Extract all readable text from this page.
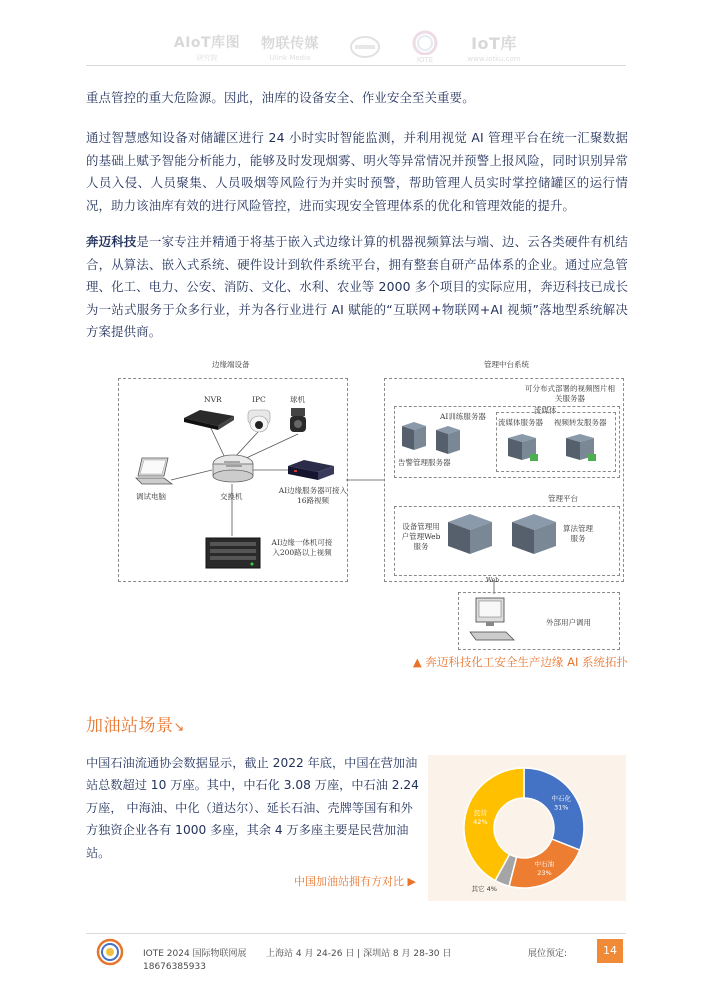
AIoT库图
研究院
物联传媒
Ulink Media	IOTE
IoT库
www.iotku.com
重点管控的重大危险源。因此，油库的设备安全、作业安全至关重要。
通过智慧感知设备对储罐区进行 24 小时实时智能监测，并利用视觉 AI 管理平台在统一汇聚数据的基础上赋予智能分析能力，能够及时发现烟雾、明火等异常情况并预警上报风险，同时识别异常人员入侵、人员聚集、人员吸烟等风险行为并实时预警，帮助管理人员实时掌控储罐区的运行情况，助力该油库有效的进行风险管控，进而实现安全管理体系的优化和管理效能的提升。
奔迈科技是一家专注并精通于将基于嵌入式边缘计算的机器视频算法与端、边、云各类硬件有机结合，从算法、嵌入式系统、硬件设计到软件系统平台，拥有整套自研产品体系的企业。通过应急管理、化工、电力、公安、消防、文化、水利、农业等 2000 多个项目的实际应用，奔迈科技已成长为一站式服务于众多行业，并为各行业进行 AI 赋能的“互联网+物联网+AI 视频”落地型系统解决方案提供商。
边缘端设备	管理中台系统
NVR	IPC	球机
调试电脑	交换机
AI边缘服务器可接入16路视频
AI边缘一体机可接入200路以上视频
可分布式部署的视频图片相关服务器
AI训练服务器
告警管理服务器
流媒体
流媒体服务器 视频转发服务器
管理平台
设备管理用户管理Web服务
算法管理服务
Web
外部用户调用
▲ 奔迈科技化工安全生产边缘 AI 系统拓扑
加油站场景↘
中国石油流通协会数据显示，截止 2022 年底，中国在营加油站总数超过 10 万座。其中，中石化 3.08 万座，中石油 2.24 万座， 中海油、中化（道达尔）、延长石油、壳牌等国有和外方独资企业各有 1000 多座，其余 4 万多座主要是民营加油站。
中国加油站拥有方对比 ▶
中石化
31%
中石油
23%
其它 4%
民营
42%
IOTE 2024 国际物联网展 上海站 4 月 24-26 日 | 深圳站 8 月 28-30 日	展位预定:
18676385933
14
